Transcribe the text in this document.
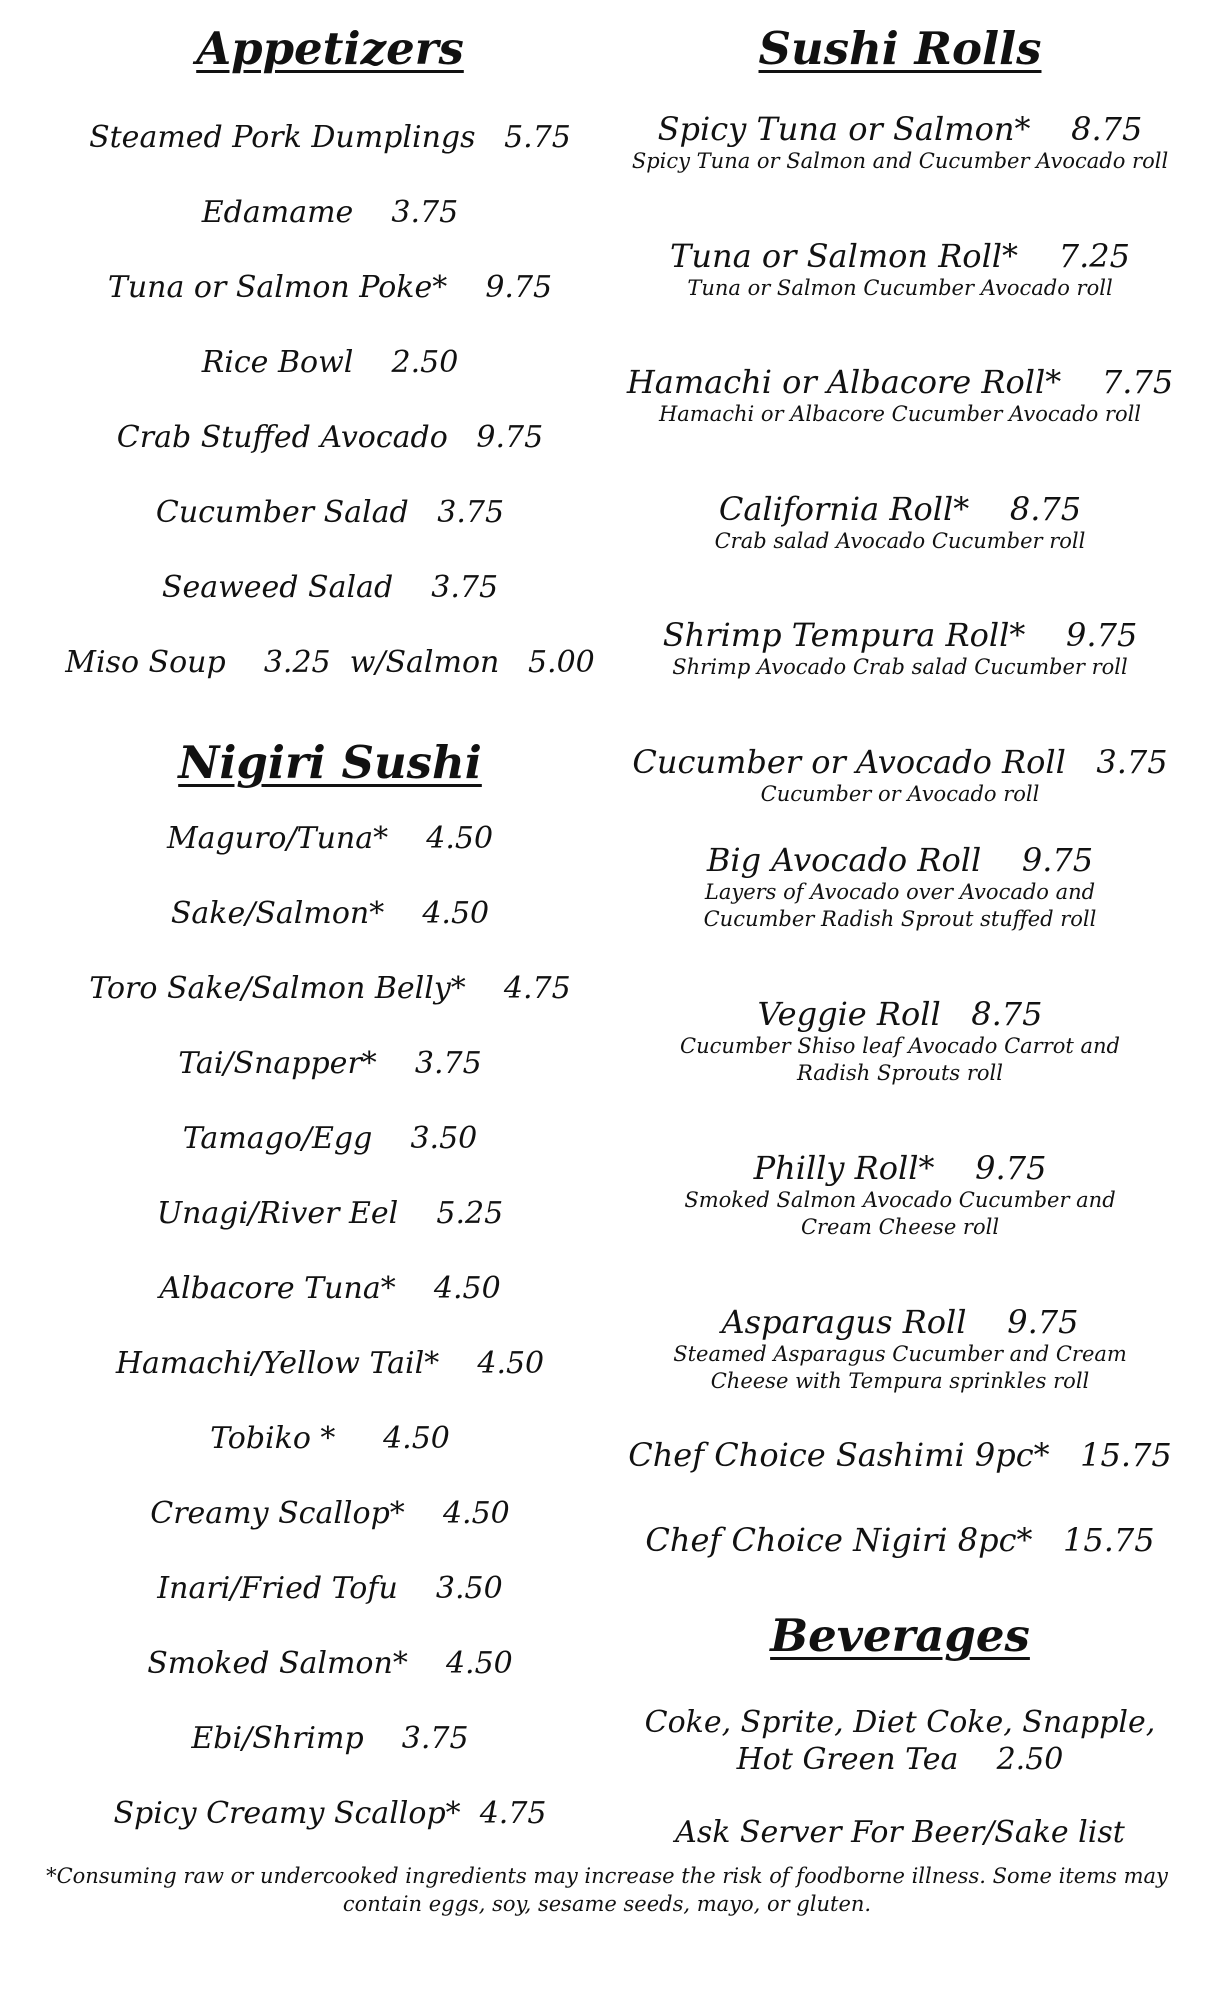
Appetizers
Steamed Pork Dumplings   5.75
Edamame    3.75
Tuna or Salmon Poke*    9.75
Rice Bowl    2.50
Crab Stuffed Avocado   9.75
Cucumber Salad   3.75
Seaweed Salad    3.75
Miso Soup    3.25  w/Salmon   5.00
Nigiri Sushi
Maguro/Tuna*    4.50
Sake/Salmon*    4.50
Toro Sake/Salmon Belly*    4.75
Tai/Snapper*    3.75
Tamago/Egg    3.50
Unagi/River Eel    5.25
Albacore Tuna*    4.50
Hamachi/Yellow Tail*    4.50
Tobiko *     4.50
Creamy Scallop*    4.50
Inari/Fried Tofu    3.50
Smoked Salmon*    4.50
Ebi/Shrimp    3.75
Spicy Creamy Scallop*  4.75
Sushi Rolls
Spicy Tuna or Salmon*    8.75
Spicy Tuna or Salmon and Cucumber Avocado roll
Tuna or Salmon Roll*    7.25
Tuna or Salmon Cucumber Avocado roll
Hamachi or Albacore Roll*    7.75
Hamachi or Albacore Cucumber Avocado roll
California Roll*    8.75
Crab salad Avocado Cucumber roll
Shrimp Tempura Roll*    9.75
Shrimp Avocado Crab salad Cucumber roll
Cucumber or Avocado Roll   3.75
Cucumber or Avocado roll
Big Avocado Roll    9.75
Layers of Avocado over Avocado and Cucumber Radish Sprout stuffed roll
Veggie Roll   8.75
Cucumber Shiso leaf Avocado Carrot and Radish Sprouts roll
Philly Roll*    9.75
Smoked Salmon Avocado Cucumber and Cream Cheese roll
Asparagus Roll    9.75
Steamed Asparagus Cucumber and Cream Cheese with Tempura sprinkles roll
Chef Choice Sashimi 9pc*   15.75
Chef Choice Nigiri 8pc*   15.75
Beverages
Coke, Sprite, Diet Coke, Snapple,
Hot Green Tea    2.50
Ask Server For Beer/Sake list
*Consuming raw or undercooked ingredients may increase the risk of foodborne illness. Some items may contain eggs, soy, sesame seeds, mayo, or gluten.
